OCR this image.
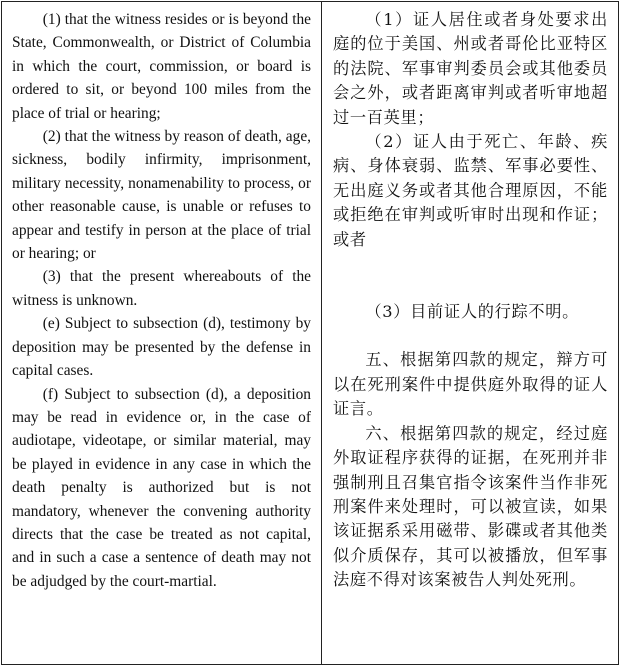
(1) that the witness resides or is beyond the State, Commonwealth, or District of Columbia in which the court, commission, or board is ordered to sit, or beyond 100 miles from the place of trial or hearing;

(2) that the witness by reason of death, age, sickness, bodily infirmity, imprisonment, military necessity, nonamenability to process, or other reasonable cause, is unable or refuses to appear and testify in person at the place of trial or hearing; or

(3) that the present whereabouts of the witness is unknown.

(e) Subject to subsection (d), testimony by deposition may be presented by the defense in capital cases.

(f) Subject to subsection (d), a deposition may be read in evidence or, in the case of audiotape, videotape, or similar material, may be played in evidence in any case in which the death penalty is authorized but is not mandatory, whenever the convening authority directs that the case be treated as not capital, and in such a case a sentence of death may not be adjudged by the court-martial.

（1）证人居住或者身处要求出庭的位于美国、州或者哥伦比亚特区的法院、军事审判委员会或其他委员会之外，或者距离审判或者听审地超过一百英里；

（2）证人由于死亡、年龄、疾病、身体衰弱、监禁、军事必要性、无出庭义务或者其他合理原因，不能或拒绝在审判或听审时出现和作证；或者

（3）目前证人的行踪不明。

五、根据第四款的规定，辩方可以在死刑案件中提供庭外取得的证人证言。

六、根据第四款的规定，经过庭外取证程序获得的证据，在死刑并非强制刑且召集官指令该案件当作非死刑案件来处理时，可以被宣读，如果该证据系采用磁带、影碟或者其他类似介质保存，其可以被播放，但军事法庭不得对该案被告人判处死刑。
